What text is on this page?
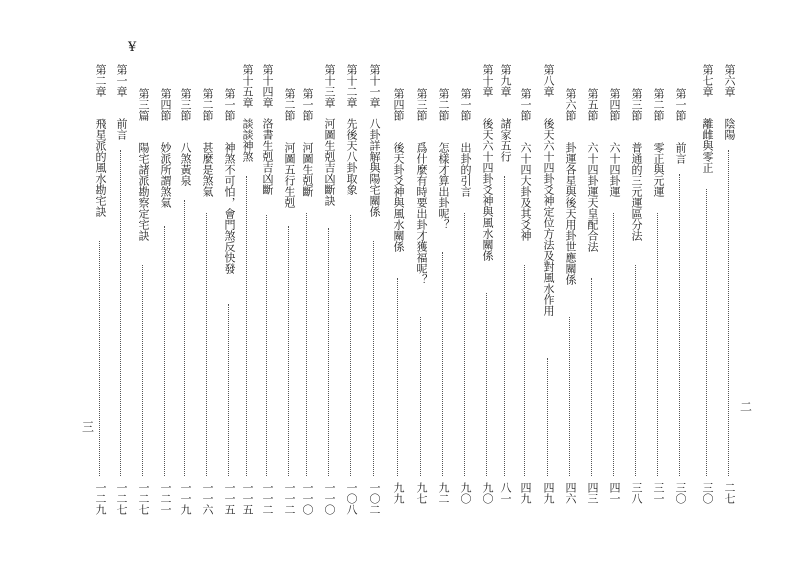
第六章
陰陽
二七
第七章
離雌與零正
三〇
第一節
前言
三〇
第二節
零正與元運
三一
第三節
普通的三元運區分法
三八
第四節
六十四卦運
四一
第五節
六十四卦運天皇配合法
四三
第六節
卦運各星與後天用卦世應關係
四六
第八章
後天六十四卦爻神定位方法及對風水作用
四九
第一節
六十四大卦及其爻神
四九
第九章
諸家五行
八一
第十章
後天六十四卦爻神與風水關係
九〇
第一節
出卦的引言
九〇
第二節
怎樣才算出卦呢？
九二
第三節
爲什麼有時要出卦才獲福呢？
九七
第四節
後天卦爻神與風水關係
九九
第十一章
八卦詳解與陽宅關係
一〇二
第十二章
先後天八卦取象
一〇八
第十三章
河圖生剋吉凶斷訣
一一〇
第一節
河圖生剋斷
一一〇
第二節
河圖五行生剋
一一二
第十四章
洛書生剋吉凶斷
一一二
第十五章
談談神煞
一一五
第一節
神煞不可怕，會門煞反快發
一一五
第二節
甚麼是煞氣
一一六
第三節
八煞黃泉
一一九
第四節
妙派所謂煞氣
一二一
第三篇
陽宅諸派勘察定宅訣
一二七
第一章
前言
一二七
第二章
飛星派的風水勘宅訣
一二九
二
三
¥
